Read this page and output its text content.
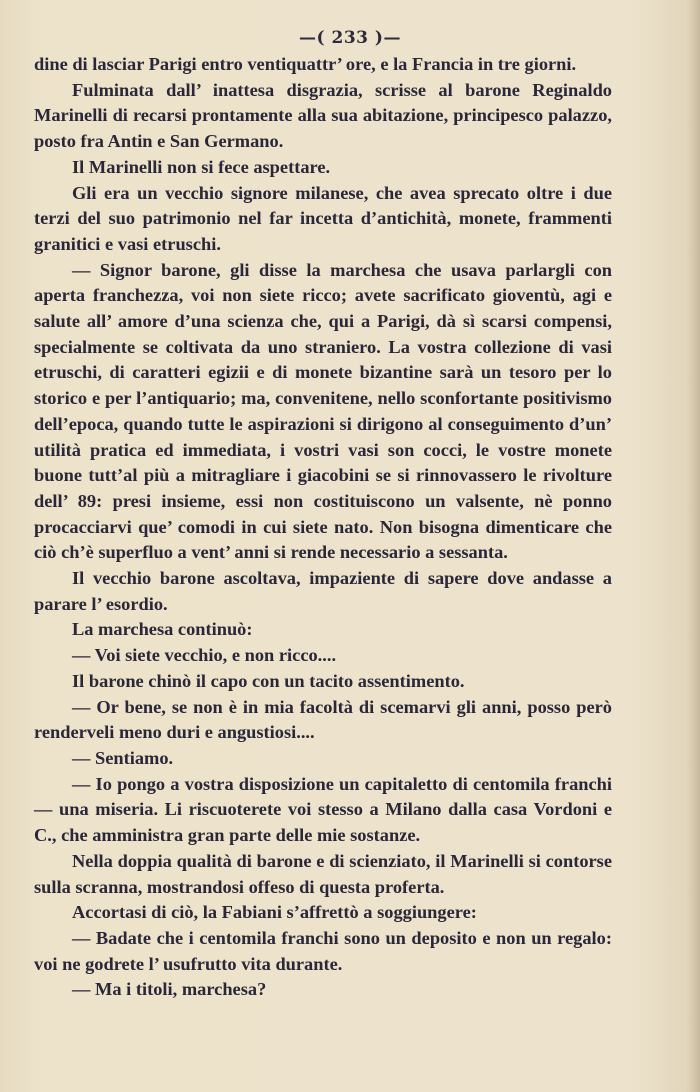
—( 233 )—

dine di lasciar Parigi entro ventiquattr’ ore, e la Francia in tre giorni.

Fulminata dall’ inattesa disgrazia, scrisse al barone Reginaldo Marinelli di recarsi prontamente alla sua abitazione, principesco palazzo, posto fra Antin e San Germano.

Il Marinelli non si fece aspettare.

Gli era un vecchio signore milanese, che avea sprecato oltre i due terzi del suo patrimonio nel far incetta d’antichità, monete, frammenti granitici e vasi etruschi.

— Signor barone, gli disse la marchesa che usava parlargli con aperta franchezza, voi non siete ricco; avete sacrificato gioventù, agi e salute all’ amore d’una scienza che, qui a Parigi, dà sì scarsi compensi, specialmente se coltivata da uno straniero. La vostra collezione di vasi etruschi, di caratteri egizii e di monete bizantine sarà un tesoro per lo storico e per l’antiquario; ma, convenitene, nello sconfortante positivismo dell’epoca, quando tutte le aspirazioni si dirigono al conseguimento d’un’ utilità pratica ed immediata, i vostri vasi son cocci, le vostre monete buone tutt’al più a mitragliare i giacobini se si rinnovassero le rivolture dell’ 89: presi insieme, essi non costituiscono un valsente, nè ponno procacciarvi que’ comodi in cui siete nato. Non bisogna dimenticare che ciò ch’è superfluo a vent’ anni si rende necessario a sessanta.

Il vecchio barone ascoltava, impaziente di sapere dove andasse a parare l’ esordio.

La marchesa continuò:

— Voi siete vecchio, e non ricco....

Il barone chinò il capo con un tacito assentimento.

— Or bene, se non è in mia facoltà di scemarvi gli anni, posso però renderveli meno duri e angustiosi....

— Sentiamo.

— Io pongo a vostra disposizione un capitaletto di centomila franchi — una miseria. Li riscuoterete voi stesso a Milano dalla casa Vordoni e C., che amministra gran parte delle mie sostanze.

Nella doppia qualità di barone e di scienziato, il Marinelli si contorse sulla scranna, mostrandosi offeso di questa proferta.

Accortasi di ciò, la Fabiani s’affrettò a soggiungere:

— Badate che i centomila franchi sono un deposito e non un regalo: voi ne godrete l’ usufrutto vita durante.

— Ma i titoli, marchesa?
